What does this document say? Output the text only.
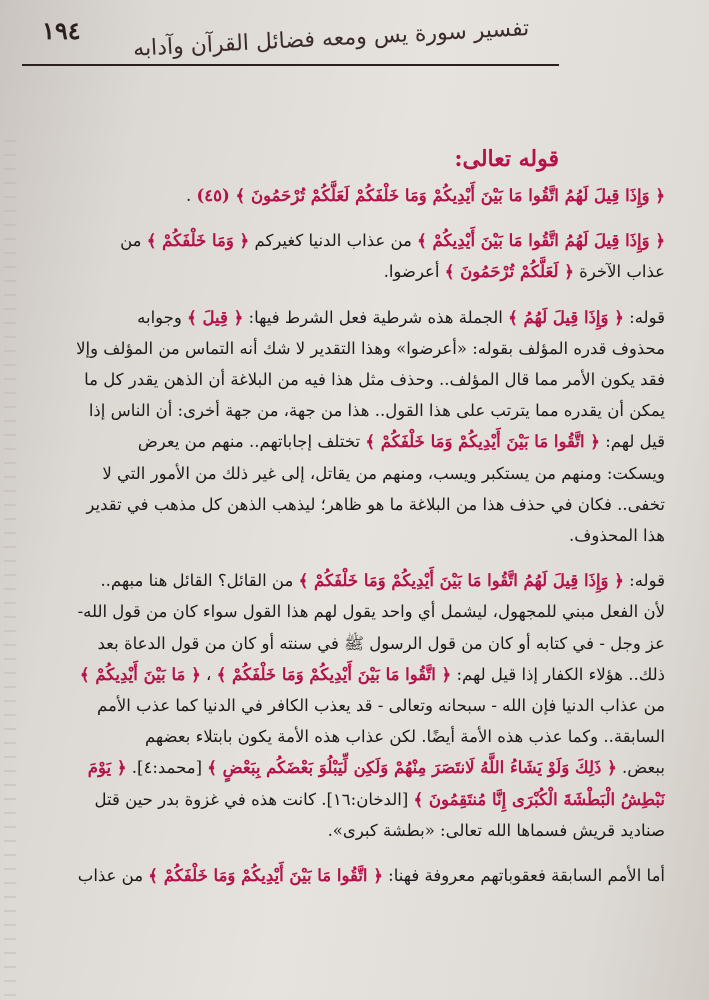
١٩٤ تفسير سورة يس ومعه فضائل القرآن وآدابه
قوله تعالى:
﴿ وَإِذَا قِيلَ لَهُمُ اتَّقُوا مَا بَيْنَ أَيْدِيكُمْ وَمَا خَلْفَكُمْ لَعَلَّكُمْ تُرْحَمُونَ ﴾ (٤٥) .
﴿ وَإِذَا قِيلَ لَهُمُ اتَّقُوا مَا بَيْنَ أَيْدِيكُمْ ﴾ من عذاب الدنيا كغيركم ﴿ وَمَا خَلْفَكُمْ ﴾ من
عذاب الآخرة ﴿ لَعَلَّكُمْ تُرْحَمُونَ ﴾ أعرضوا.
قوله: ﴿ وَإِذَا قِيلَ لَهُمُ ﴾ الجملة هذه شرطية فعل الشرط فيها: ﴿ قِيلَ ﴾ وجوابه
محذوف قدره المؤلف بقوله: «أعرضوا» وهذا التقدير لا شك أنه التماس من المؤلف وإلا
فقد يكون الأمر مما قال المؤلف.. وحذف مثل هذا فيه من البلاغة أن الذهن يقدر كل ما
يمكن أن يقدره مما يترتب على هذا القول.. هذا من جهة، من جهة أخرى: أن الناس إذا
قيل لهم: ﴿ اتَّقُوا مَا بَيْنَ أَيْدِيكُمْ وَمَا خَلْفَكُمْ ﴾ تختلف إجاباتهم.. منهم من يعرض
ويسكت: ومنهم من يستكبر ويسب، ومنهم من يقاتل، إلى غير ذلك من الأمور التي لا
تخفى.. فكان في حذف هذا من البلاغة ما هو ظاهر؛ ليذهب الذهن كل مذهب في تقدير
هذا المحذوف.
قوله: ﴿ وَإِذَا قِيلَ لَهُمُ اتَّقُوا مَا بَيْنَ أَيْدِيكُمْ وَمَا خَلْفَكُمْ ﴾ من القائل؟ القائل هنا مبهم..
لأن الفعل مبني للمجهول، ليشمل أي واحد يقول لهم هذا القول سواء كان من قول الله-
عز وجل - في كتابه أو كان من قول الرسول ﷺ في سنته أو كان من قول الدعاة بعد
ذلك.. هؤلاء الكفار إذا قيل لهم: ﴿ اتَّقُوا مَا بَيْنَ أَيْدِيكُمْ وَمَا خَلْفَكُمْ ﴾ ، ﴿ مَا بَيْنَ أَيْدِيكُمْ ﴾
من عذاب الدنيا فإن الله - سبحانه وتعالى - قد يعذب الكافر في الدنيا كما عذب الأمم
السابقة.. وكما عذب هذه الأمة أيضًا. لكن عذاب هذه الأمة يكون بابتلاء بعضهم
ببعض. ﴿ ذَلِكَ وَلَوْ يَشَاءُ اللَّهُ لَانتَصَرَ مِنْهُمْ وَلَكِن لِّيَبْلُوَ بَعْضَكُم بِبَعْضٍ ﴾ [محمد:٤]. ﴿ يَوْمَ
نَبْطِشُ الْبَطْشَةَ الْكُبْرَى إِنَّا مُنتَقِمُونَ ﴾ [الدخان:١٦]. كانت هذه في غزوة بدر حين قتل
صناديد قريش فسماها الله تعالى: «بطشة كبرى».
أما الأمم السابقة فعقوباتهم معروفة فهنا: ﴿ اتَّقُوا مَا بَيْنَ أَيْدِيكُمْ وَمَا خَلْفَكُمْ ﴾ من عذاب
